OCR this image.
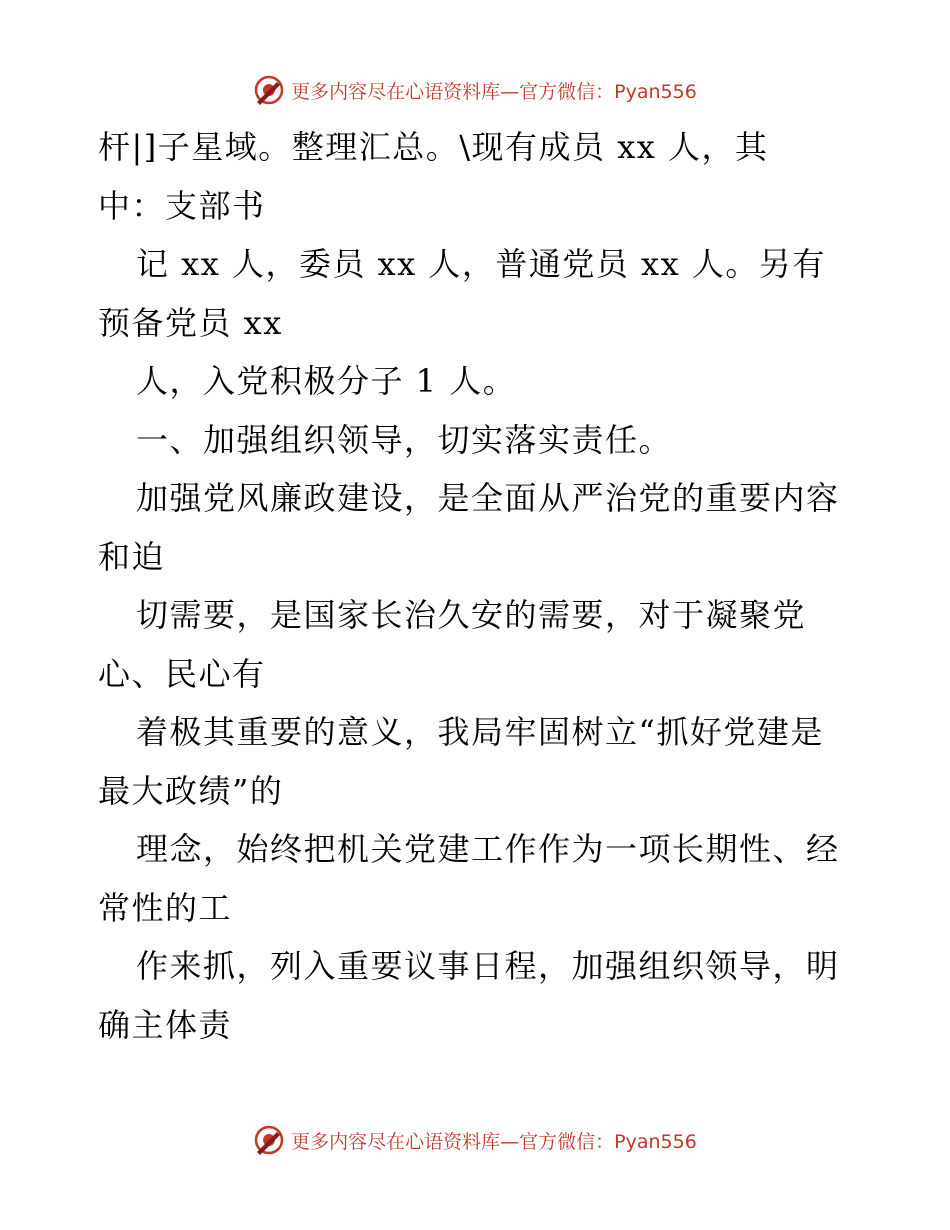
更多内容尽在心语资料库—官方微信：Pyan556
杆|]子星域。整理汇总。\现有成员 xx 人，其
中：支部书
记 xx 人，委员 xx 人，普通党员 xx 人。另有
预备党员 xx
人，入党积极分子 1 人。
一、加强组织领导，切实落实责任。
加强党风廉政建设，是全面从严治党的重要内容
和迫
切需要，是国家长治久安的需要，对于凝聚党
心、民心有
着极其重要的意义，我局牢固树立“抓好党建是
最大政绩”的
理念，始终把机关党建工作作为一项长期性、经
常性的工
作来抓，列入重要议事日程，加强组织领导，明
确主体责
更多内容尽在心语资料库—官方微信：Pyan556
